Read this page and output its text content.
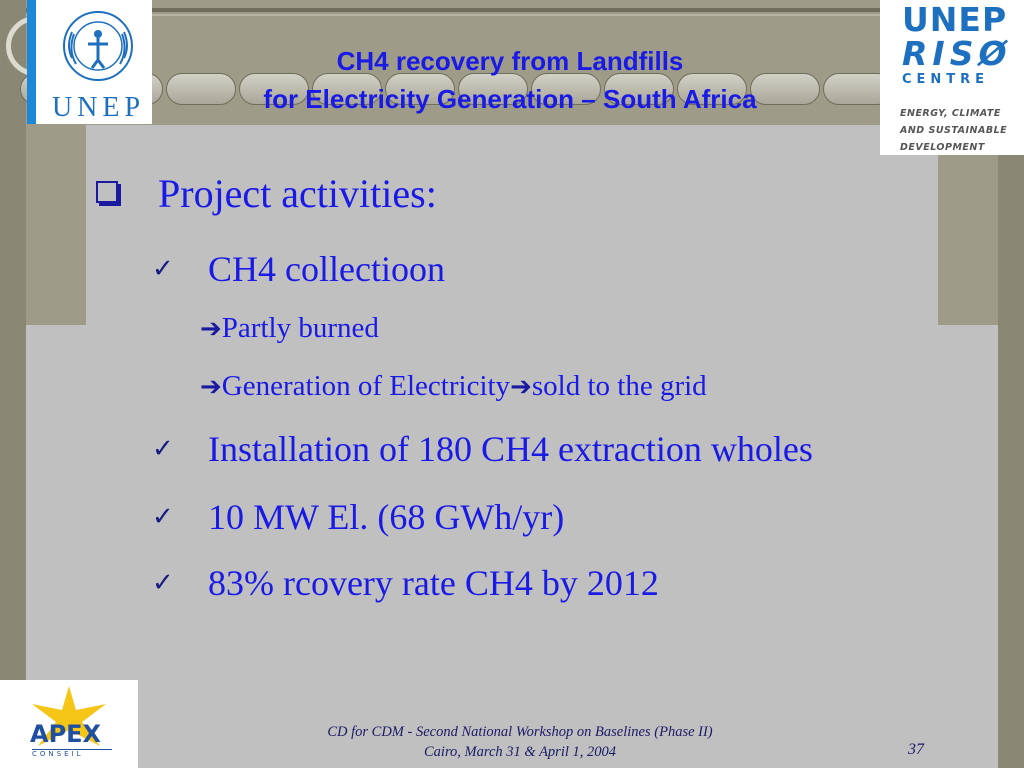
UNEP
UNEP
RISØ
CENTRE
ENERGY, CLIMATE
AND SUSTAINABLE
DEVELOPMENT
APEX
CONSEIL
CH4 recovery from Landfills
for Electricity Generation – South Africa
Project activities:
✓ CH4 collectioon
➔Partly burned
➔Generation of Electricity➔sold to the grid
✓ Installation of 180 CH4 extraction wholes
✓ 10 MW El. (68 GWh/yr)
✓ 83% rcovery rate CH4 by 2012
CD for CDM - Second National Workshop on Baselines (Phase II)
Cairo, March 31 & April 1, 2004	37
